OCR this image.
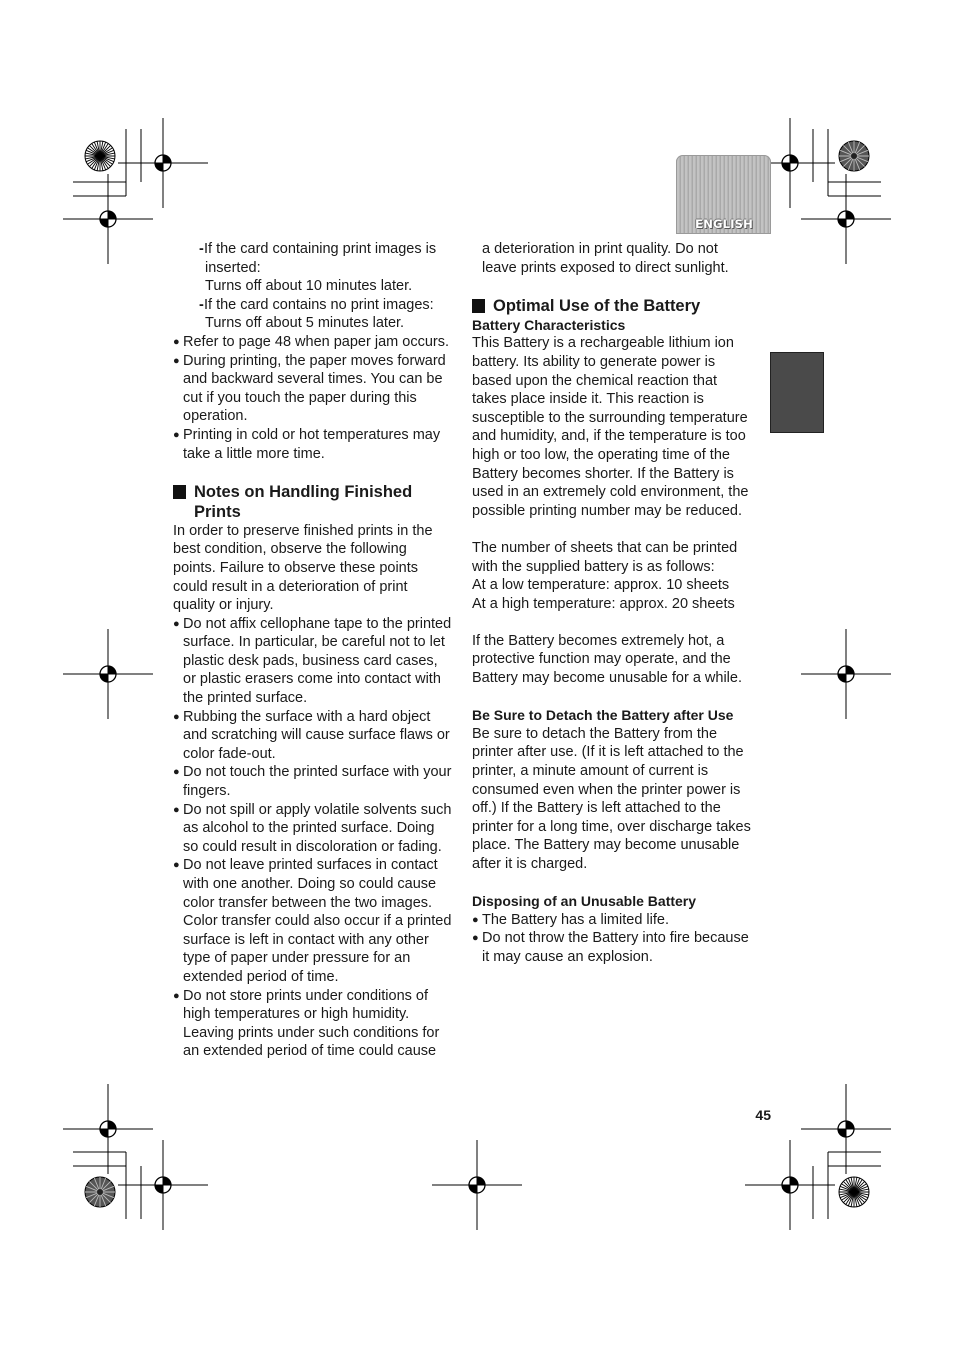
ENGLISH
- If the card containing print images is
inserted:
Turns off about 10 minutes later.
- If the card contains no print images:
Turns off about 5 minutes later.
● Refer to page 48 when paper jam occurs.
● During printing, the paper moves forward and backward several times. You can be cut if you touch the paper during this operation.
● Printing in cold or hot temperatures may take a little more time.
Notes on Handling Finished Prints

In order to preserve finished prints in the best condition, observe the following points. Failure to observe these points could result in a deterioration of print quality or injury.

● Do not affix cellophane tape to the printed surface. In particular, be careful not to let plastic desk pads, business card cases, or plastic erasers come into contact with the printed surface.
● Rubbing the surface with a hard object and scratching will cause surface flaws or color fade-out.
● Do not touch the printed surface with your fingers.
● Do not spill or apply volatile solvents such as alcohol to the printed surface. Doing so could result in discoloration or fading.
● Do not leave printed surfaces in contact with one another. Doing so could cause color transfer between the two images. Color transfer could also occur if a printed surface is left in contact with any other type of paper under pressure for an extended period of time.
● Do not store prints under conditions of high temperatures or high humidity. Leaving prints under such conditions for an extended period of time could cause

a deterioration in print quality. Do not leave prints exposed to direct sunlight.

Optimal Use of the Battery
Battery Characteristics

This Battery is a rechargeable lithium ion battery. Its ability to generate power is based upon the chemical reaction that takes place inside it. This reaction is susceptible to the surrounding temperature and humidity, and, if the temperature is too high or too low, the operating time of the Battery becomes shorter. If the Battery is used in an extremely cold environment, the possible printing number may be reduced.

The number of sheets that can be printed with the supplied battery is as follows:

At a low temperature: approx. 10 sheets

At a high temperature: approx. 20 sheets

If the Battery becomes extremely hot, a protective function may operate, and the Battery may become unusable for a while.

Be Sure to Detach the Battery after Use

Be sure to detach the Battery from the printer after use. (If it is left attached to the printer, a minute amount of current is consumed even when the printer power is off.) If the Battery is left attached to the printer for a long time, over discharge takes place. The Battery may become unusable after it is charged.

Disposing of an Unusable Battery
● The Battery has a limited life.
● Do not throw the Battery into fire because it may cause an explosion.
45
